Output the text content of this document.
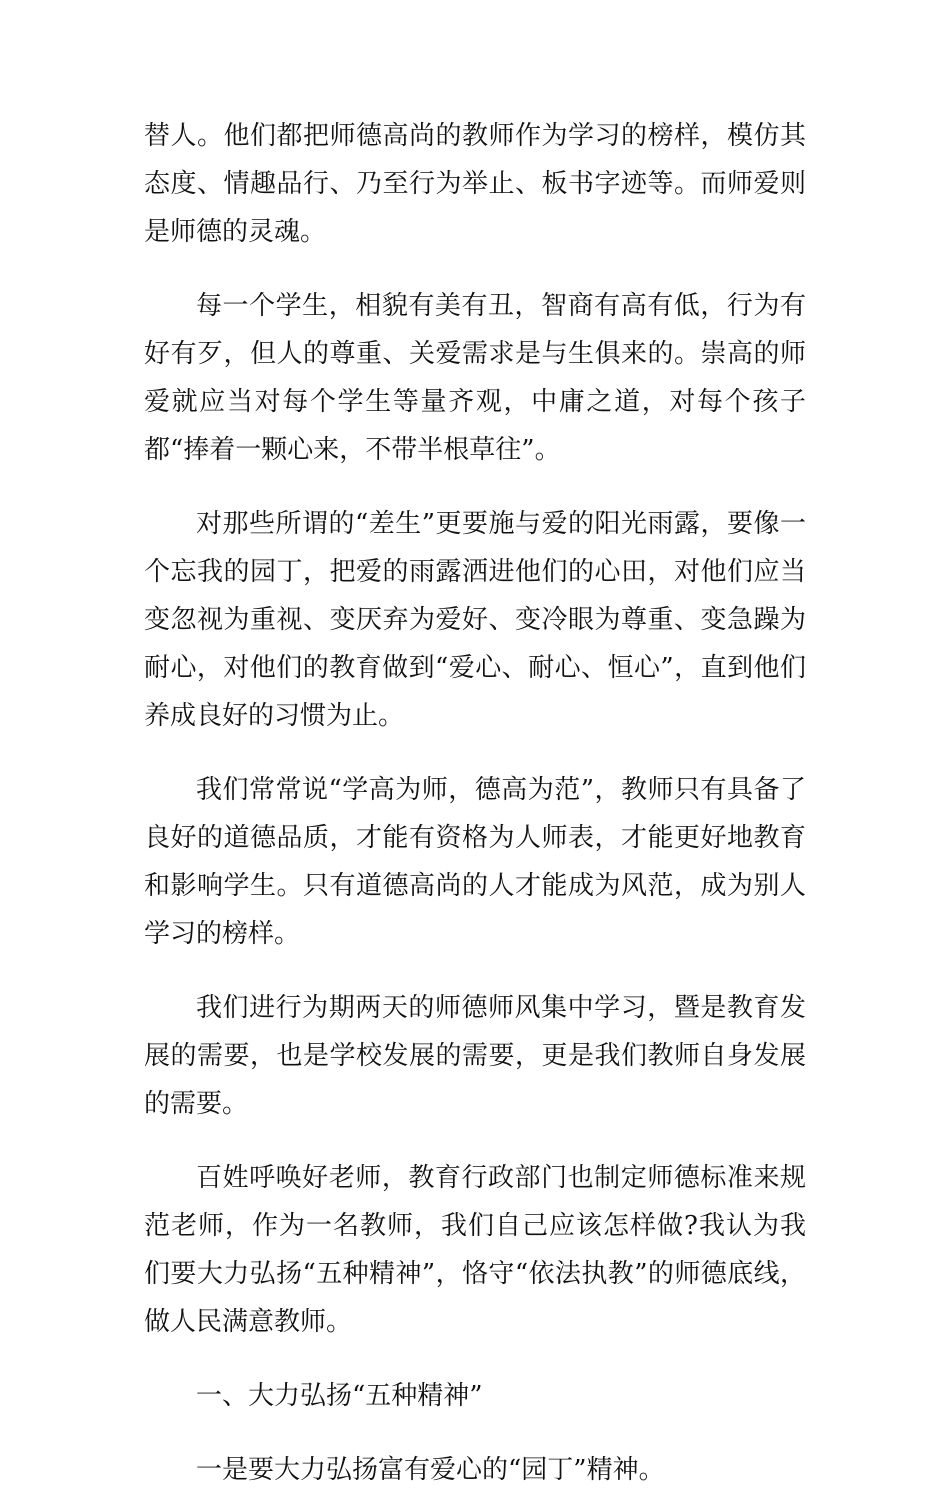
替人。他们都把师德高尚的教师作为学习的榜样，模仿其态度、情趣品行、乃至行为举止、板书字迹等。而师爱则是师德的灵魂。

每一个学生，相貌有美有丑，智商有高有低，行为有好有歹，但人的尊重、关爱需求是与生俱来的。崇高的师爱就应当对每个学生等量齐观，中庸之道，对每个孩子都“捧着一颗心来，不带半根草往”。

对那些所谓的“差生”更要施与爱的阳光雨露，要像一个忘我的园丁，把爱的雨露洒进他们的心田，对他们应当变忽视为重视、变厌弃为爱好、变冷眼为尊重、变急躁为耐心，对他们的教育做到“爱心、耐心、恒心”，直到他们养成良好的习惯为止。

我们常常说“学高为师，德高为范”，教师只有具备了良好的道德品质，才能有资格为人师表，才能更好地教育和影响学生。只有道德高尚的人才能成为风范，成为别人学习的榜样。

我们进行为期两天的师德师风集中学习，暨是教育发展的需要，也是学校发展的需要，更是我们教师自身发展的需要。

百姓呼唤好老师，教育行政部门也制定师德标准来规范老师，作为一名教师，我们自己应该怎样做?我认为我们要大力弘扬“五种精神”，恪守“依法执教”的师德底线，做人民满意教师。

一、大力弘扬“五种精神”

一是要大力弘扬富有爱心的“园丁”精神。
